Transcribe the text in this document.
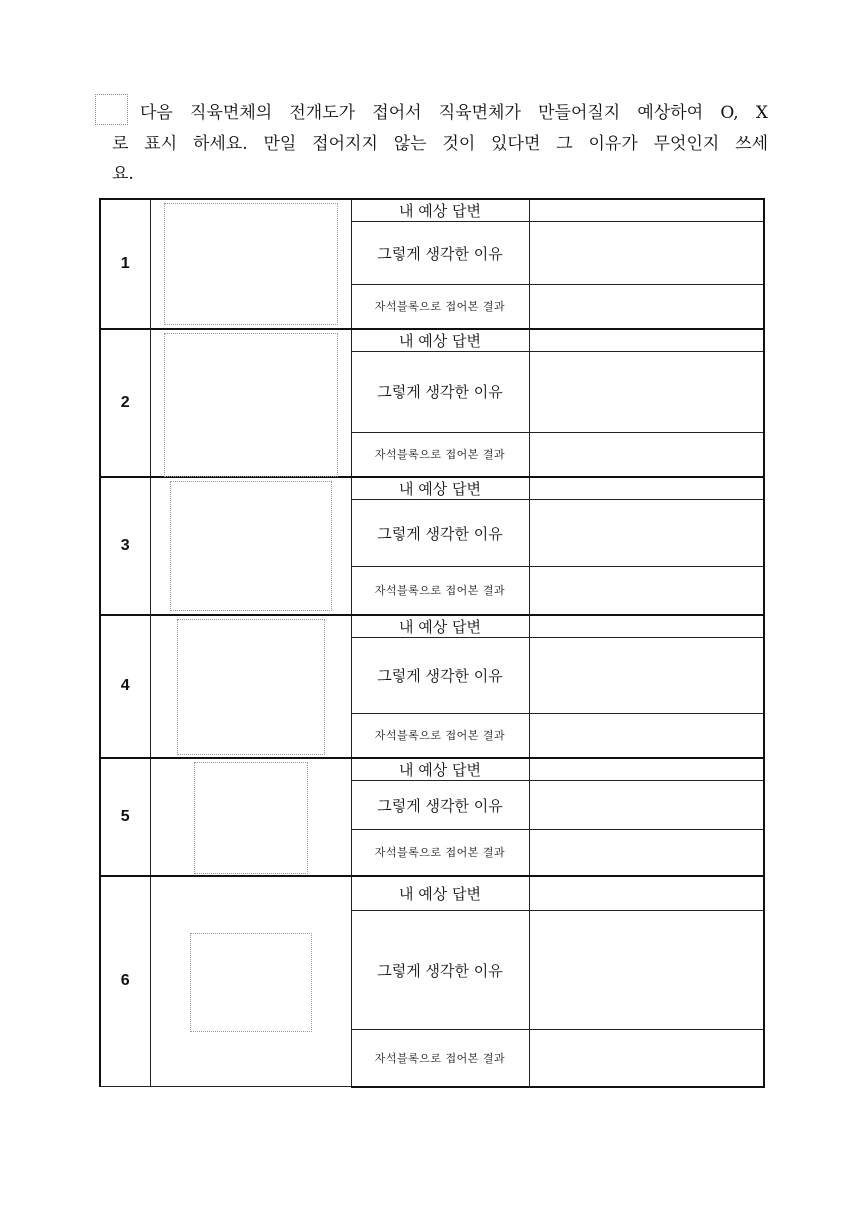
다음 직육면체의 전개도가 접어서 직육면체가 만들어질지 예상하여 O, X
로 표시 하세요. 만일 접어지지 않는 것이 있다면 그 이유가 무엇인지 쓰세
요.
1		내 예상 답변	
		그렇게 생각한 이유	
		자석블록으로 접어본 결과	
2		내 예상 답변	
		그렇게 생각한 이유	
		자석블록으로 접어본 결과	
3		내 예상 답변	
		그렇게 생각한 이유	
		자석블록으로 접어본 결과	
4		내 예상 답변	
		그렇게 생각한 이유	
		자석블록으로 접어본 결과	
5		내 예상 답변	
		그렇게 생각한 이유	
		자석블록으로 접어본 결과	
6		내 예상 답변	
		그렇게 생각한 이유	
		자석블록으로 접어본 결과	
